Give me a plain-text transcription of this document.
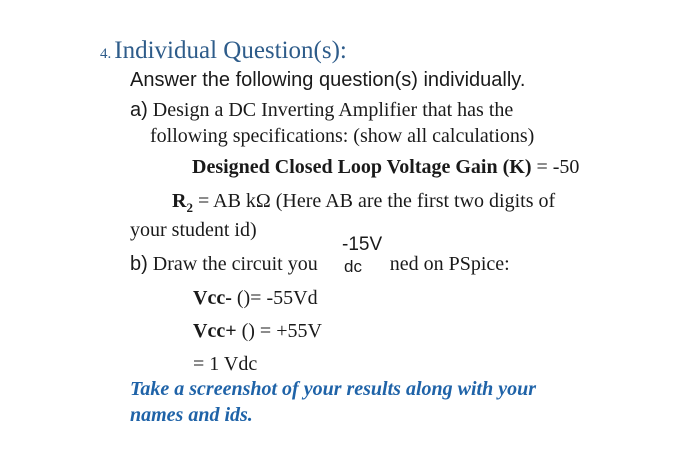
4. Individual Question(s):
Answer the following question(s) individually.
a) Design a DC Inverting Amplifier that has the
following specifications: (show all calculations)
Designed Closed Loop Voltage Gain (K) = -50
$R_2$ = AB kΩ (Here AB are the first two digits of
your student id)
b) Draw the circuit you	ned on PSpice:
-15V
dc
Vcc- ()= -55Vd
Vcc+ () = +55V
= 1 Vdc
Take a screenshot of your results along with your
names and ids.
